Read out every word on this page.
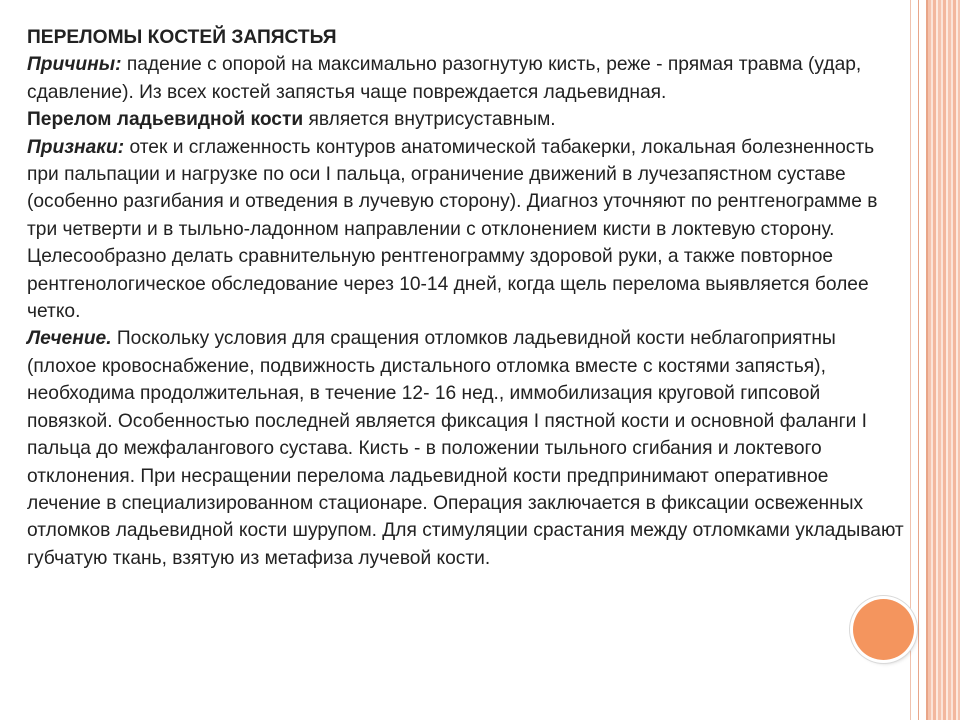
ПЕРЕЛОМЫ КОСТЕЙ ЗАПЯСТЬЯ

Причины: падение с опорой на максимально разогнутую кисть, реже - прямая травма (удар, сдавление). Из всех костей запястья чаще повреждается ладьевидная.

Перелом ладьевидной кости является внутрисуставным.

Признаки: отек и сглаженность контуров анатомической табакерки, локальная болезненность при пальпации и нагрузке по оси I пальца, ограничение движений в лучезапястном суставе (особенно разгибания и отведения в лучевую сторону). Диагноз уточняют по рентгенограмме в три четверти и в тыльно-ладонном направлении с отклонением кисти в локтевую сторону. Целесообразно делать сравнительную рентгенограмму здоровой руки, а также повторное рентгенологическое обследование через 10-14 дней, когда щель перелома выявляется более четко.

Лечение. Поскольку условия для сращения отломков ладьевидной кости неблагоприятны (плохое кровоснабжение, подвижность дистального отломка вместе с костями запястья), необходима продолжительная, в течение 12- 16 нед., иммобилизация круговой гипсовой повязкой. Особенностью последней является фиксация I пястной кости и основной фаланги I пальца до межфалангового сустава. Кисть - в положении тыльного сгибания и локтевого отклонения. При несращении перелома ладьевидной кости предпринимают оперативное лечение в специализированном стационаре. Операция заключается в фиксации освеженных отломков ладьевидной кости шурупом. Для стимуляции срастания между отломками укладывают губчатую ткань, взятую из метафиза лучевой кости.
